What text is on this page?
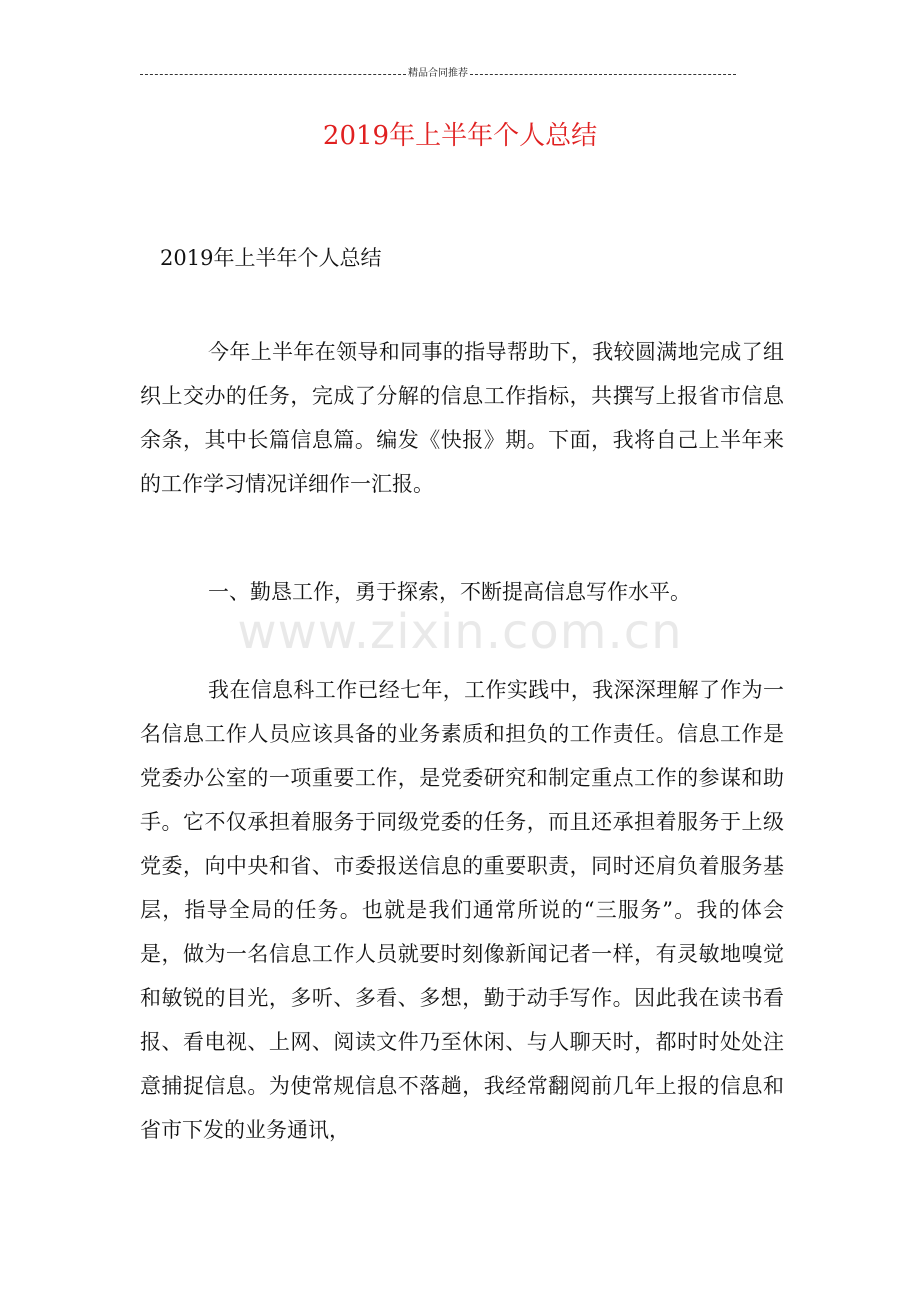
精品合同推荐
2019年上半年个人总结

2019年上半年个人总结

今年上半年在领导和同事的指导帮助下，我较圆满地完成了组织上交办的任务，完成了分解的信息工作指标，共撰写上报省市信息余条，其中长篇信息篇。编发《快报》期。下面，我将自己上半年来的工作学习情况详细作一汇报。

一、勤恳工作，勇于探索，不断提高信息写作水平。

www.zixin.com.cn

我在信息科工作已经七年，工作实践中，我深深理解了作为一名信息工作人员应该具备的业务素质和担负的工作责任。信息工作是党委办公室的一项重要工作，是党委研究和制定重点工作的参谋和助手。它不仅承担着服务于同级党委的任务，而且还承担着服务于上级党委，向中央和省、市委报送信息的重要职责，同时还肩负着服务基层，指导全局的任务。也就是我们通常所说的“三服务”。我的体会是，做为一名信息工作人员就要时刻像新闻记者一样，有灵敏地嗅觉和敏锐的目光，多听、多看、多想，勤于动手写作。因此我在读书看报、看电视、上网、阅读文件乃至休闲、与人聊天时，都时时处处注意捕捉信息。为使常规信息不落趟，我经常翻阅前几年上报的信息和省市下发的业务通讯，
